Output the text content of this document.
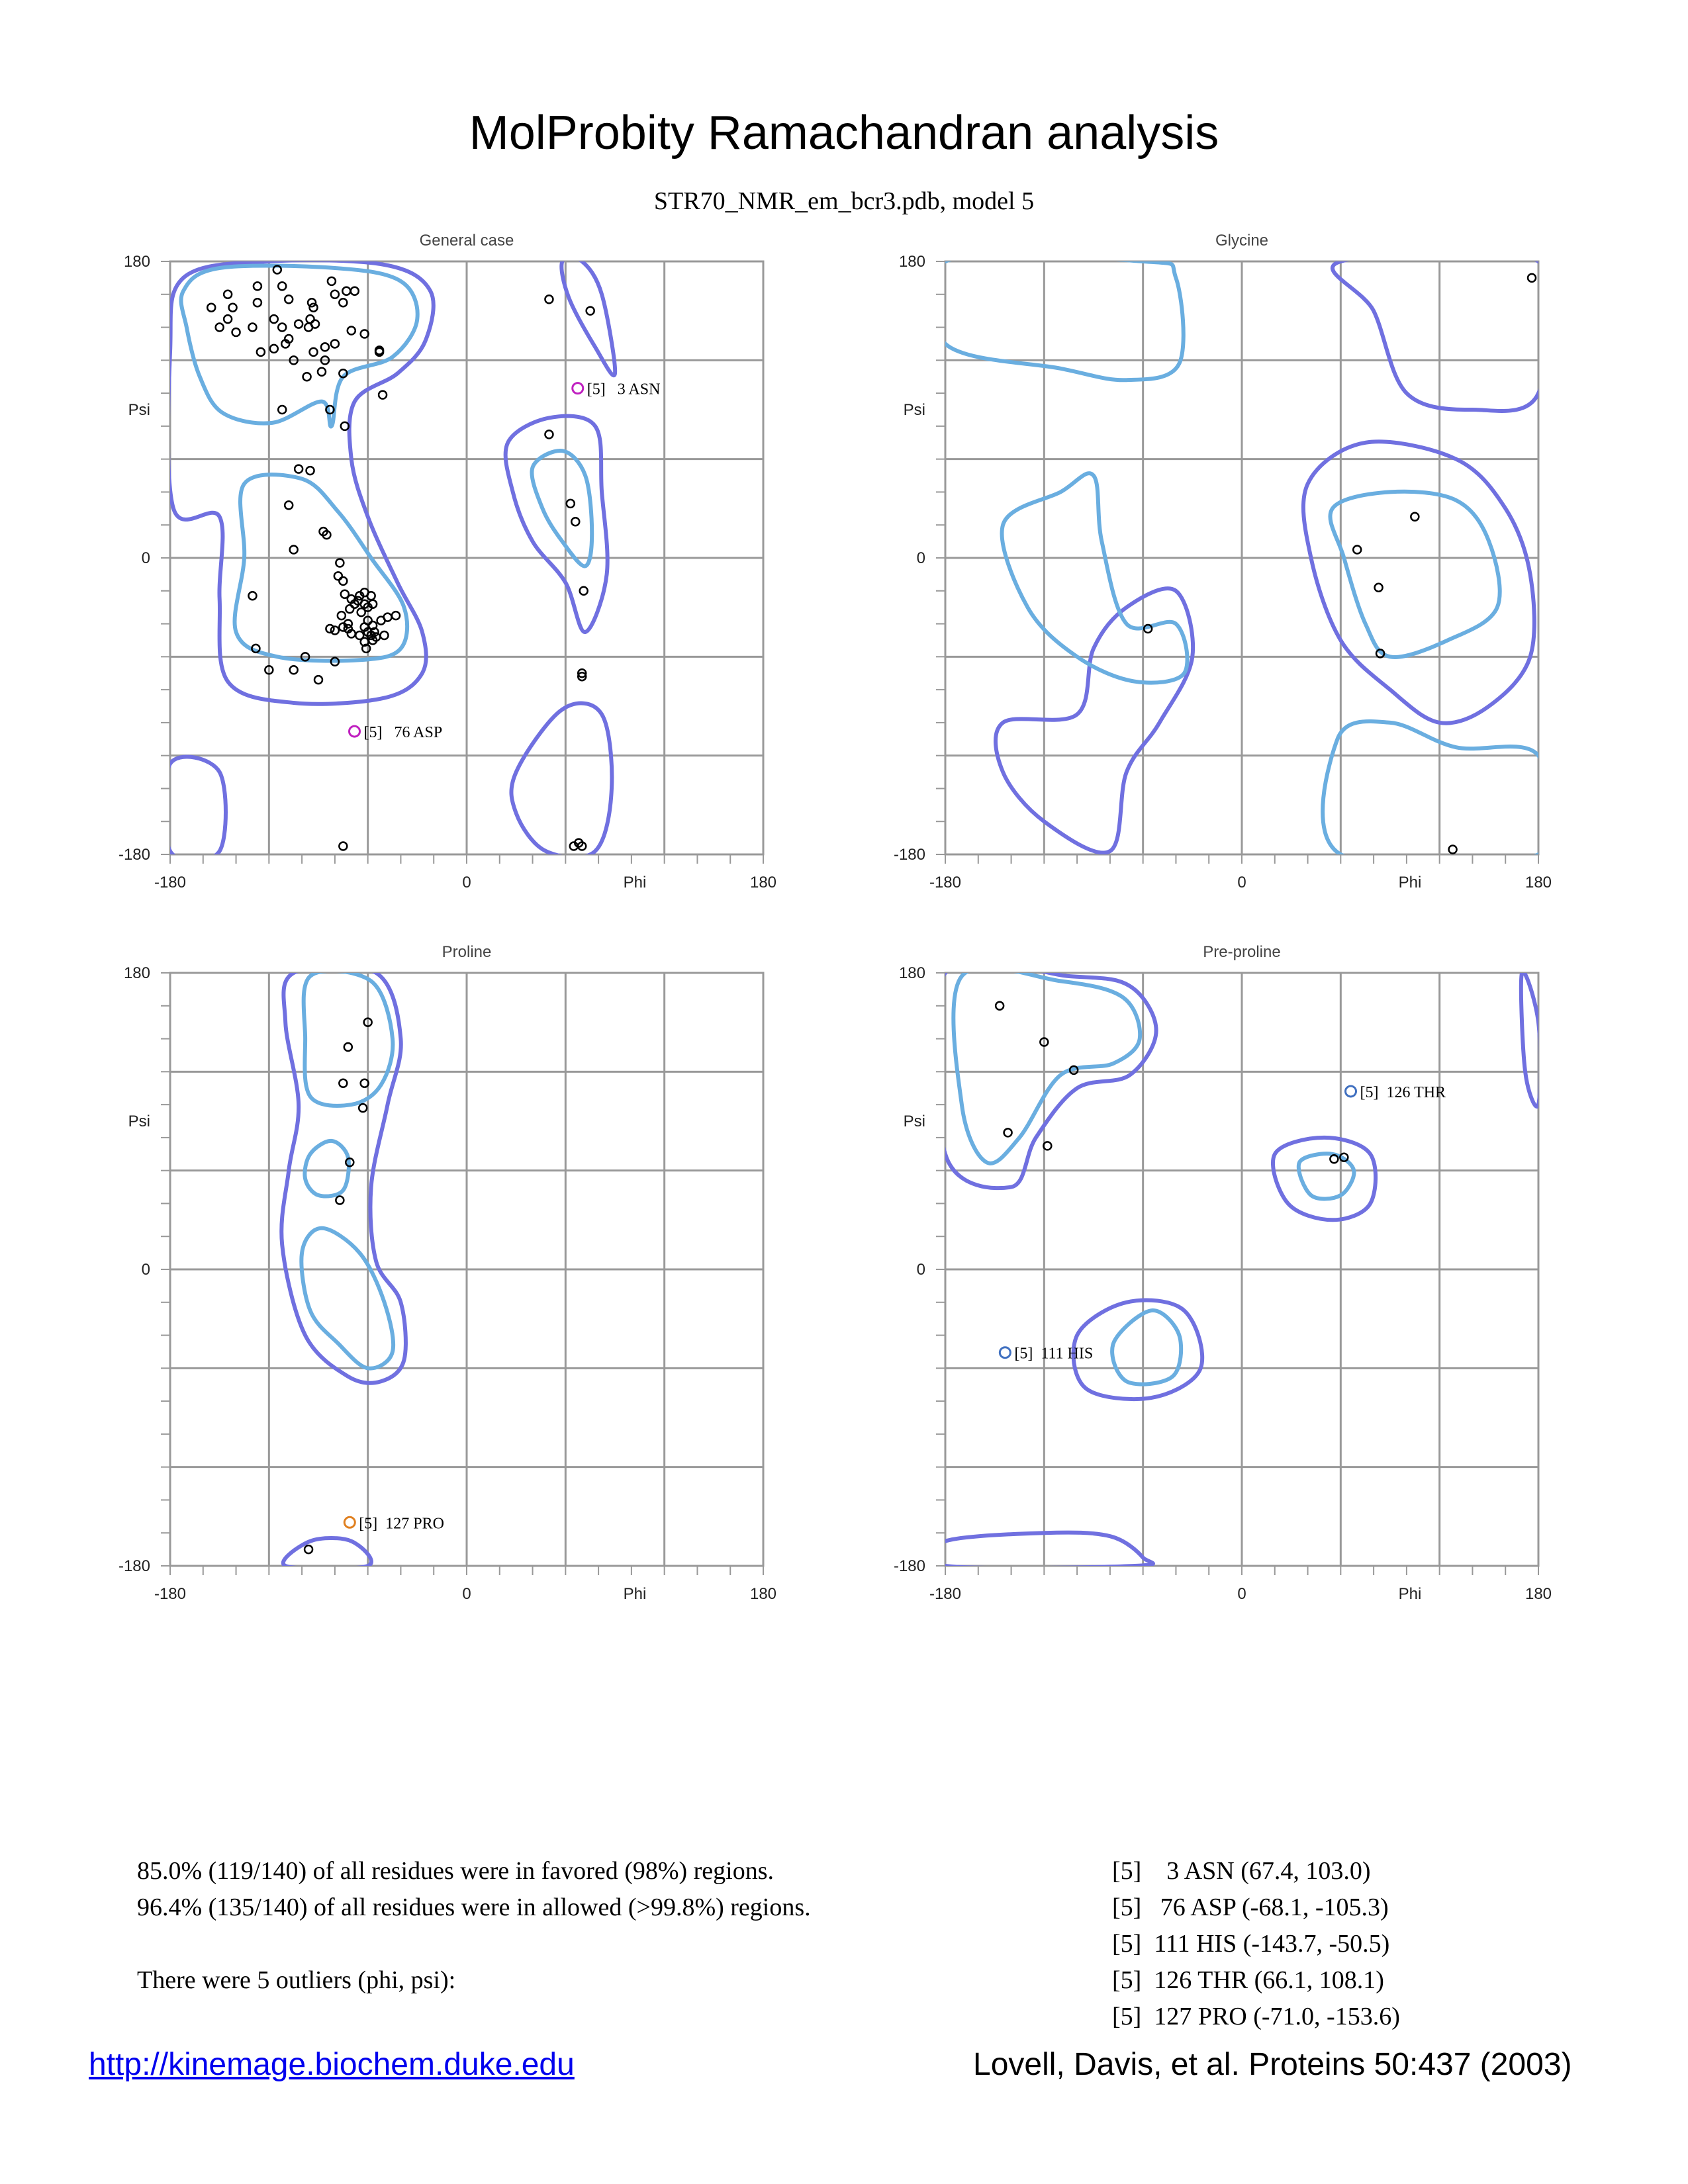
MolProbity Ramachandran analysis
STR70_NMR_em_bcr3.pdb, model 5
General case
-180	0	180
Phi
180
0
-180
Psi
[5]   3 ASN
[5]   76 ASP
Glycine
-180	0	180
Phi
180
0
-180
Psi
Proline
-180	0	180
Phi
180
0
-180
Psi
[5]  127 PRO
Pre-proline
-180	0	180
Phi
180
0
-180
Psi
[5]  111 HIS
[5]  126 THR
85.0% (119/140) of all residues were in favored (98%) regions.
96.4% (135/140) of all residues were in allowed (>99.8%) regions.
There were 5 outliers (phi, psi):
[5]    3 ASN (67.4, 103.0)
[5]   76 ASP (-68.1, -105.3)
[5]  111 HIS (-143.7, -50.5)
[5]  126 THR (66.1, 108.1)
[5]  127 PRO (-71.0, -153.6)
http://kinemage.biochem.duke.edu	Lovell, Davis, et al. Proteins 50:437 (2003)
